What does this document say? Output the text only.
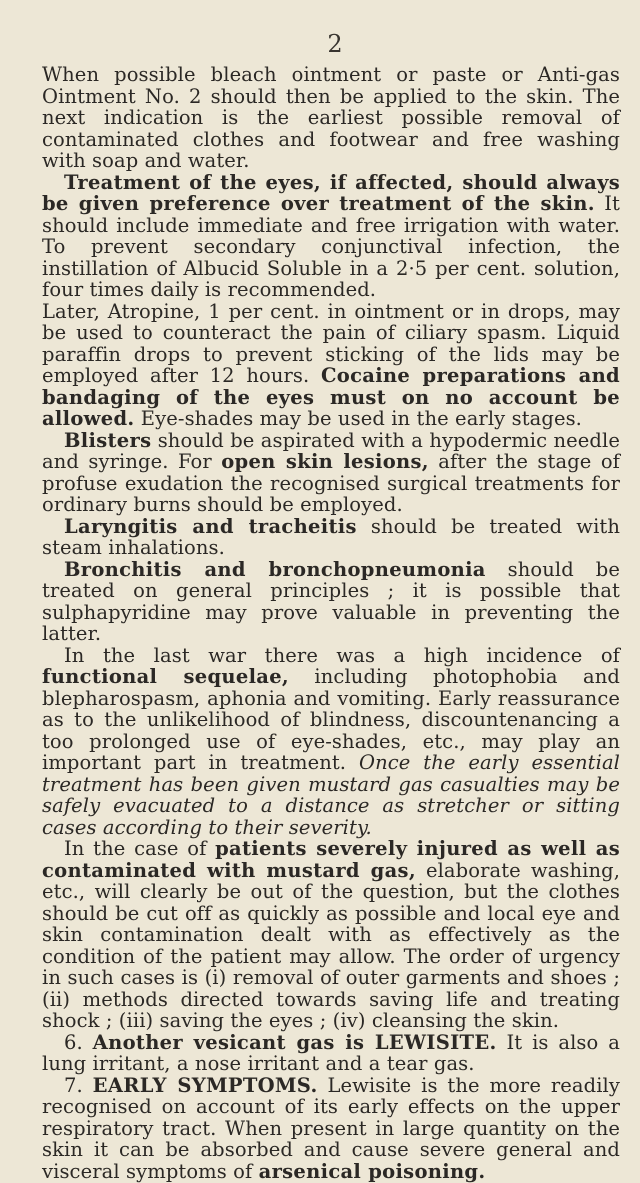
2

When possible bleach ointment or paste or Anti-gas Ointment No. 2 should then be applied to the skin. The next indication is the earliest possible removal of contaminated clothes and footwear and free washing with soap and water.

Treatment of the eyes, if affected, should always be given preference over treatment of the skin. It should include immediate and free irrigation with water. To prevent secondary conjunctival infection, the instillation of Albucid Soluble in a 2·5 per cent. solution, four times daily is recommended.

Later, Atropine, 1 per cent. in ointment or in drops, may be used to counteract the pain of ciliary spasm. Liquid paraffin drops to prevent sticking of the lids may be employed after 12 hours. Cocaine preparations and bandaging of the eyes must on no account be allowed. Eye-shades may be used in the early stages.

Blisters should be aspirated with a hypodermic needle and syringe. For open skin lesions, after the stage of profuse exudation the recognised surgical treatments for ordinary burns should be employed.

Laryngitis and tracheitis should be treated with steam inhalations.

Bronchitis and bronchopneumonia should be treated on general principles ; it is possible that sulphapyridine may prove valuable in preventing the latter.

In the last war there was a high incidence of functional sequelae, including photophobia and blepharospasm, aphonia and vomiting. Early reassurance as to the unlikelihood of blindness, discountenancing a too prolonged use of eye-shades, etc., may play an important part in treatment. Once the early essential treatment has been given mustard gas casualties may be safely evacuated to a distance as stretcher or sitting cases according to their severity.

In the case of patients severely injured as well as contaminated with mustard gas, elaborate washing, etc., will clearly be out of the question, but the clothes should be cut off as quickly as possible and local eye and skin contamination dealt with as effectively as the condition of the patient may allow. The order of urgency in such cases is (i) removal of outer garments and shoes ; (ii) methods directed towards saving life and treating shock ; (iii) saving the eyes ; (iv) cleansing the skin.

6. Another vesicant gas is LEWISITE. It is also a lung irritant, a nose irritant and a tear gas.

7. EARLY SYMPTOMS. Lewisite is the more readily recognised on account of its early effects on the upper respiratory tract. When present in large quantity on the skin it can be absorbed and cause severe general and visceral symptoms of arsenical poisoning.
